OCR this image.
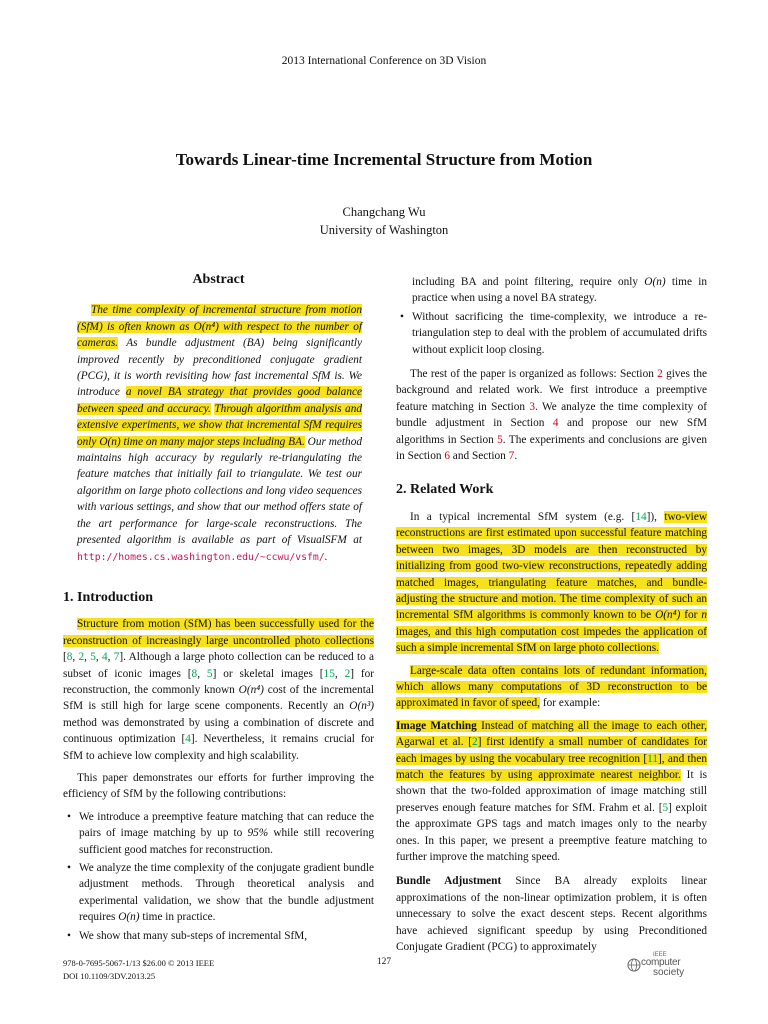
2013 International Conference on 3D Vision
Towards Linear-time Incremental Structure from Motion
Changchang Wu
University of Washington
Abstract

The time complexity of incremental structure from motion (SfM) is often known as O(n⁴) with respect to the number of cameras. As bundle adjustment (BA) being significantly improved recently by preconditioned conjugate gradient (PCG), it is worth revisiting how fast incremental SfM is. We introduce a novel BA strategy that provides good balance between speed and accuracy. Through algorithm analysis and extensive experiments, we show that incremental SfM requires only O(n) time on many major steps including BA. Our method maintains high accuracy by regularly re-triangulating the feature matches that initially fail to triangulate. We test our algorithm on large photo collections and long video sequences with various settings, and show that our method offers state of the art performance for large-scale reconstructions. The presented algorithm is available as part of VisualSFM at http://homes.cs.washington.edu/~ccwu/vsfm/.

1. Introduction

Structure from motion (SfM) has been successfully used for the reconstruction of increasingly large uncontrolled photo collections [8, 2, 5, 4, 7]. Although a large photo collection can be reduced to a subset of iconic images [8, 5] or skeletal images [15, 2] for reconstruction, the commonly known O(n⁴) cost of the incremental SfM is still high for large scene components. Recently an O(n³) method was demonstrated by using a combination of discrete and continuous optimization [4]. Nevertheless, it remains crucial for SfM to achieve low complexity and high scalability.

This paper demonstrates our efforts for further improving the efficiency of SfM by the following contributions:

• We introduce a preemptive feature matching that can reduce the pairs of image matching by up to 95% while still recovering sufficient good matches for reconstruction.
• We analyze the time complexity of the conjugate gradient bundle adjustment methods. Through theoretical analysis and experimental validation, we show that the bundle adjustment requires O(n) time in practice.
• We show that many sub-steps of incremental SfM,
including BA and point filtering, require only O(n) time in practice when using a novel BA strategy.
• Without sacrificing the time-complexity, we introduce a re-triangulation step to deal with the problem of accumulated drifts without explicit loop closing.

The rest of the paper is organized as follows: Section 2 gives the background and related work. We first introduce a preemptive feature matching in Section 3. We analyze the time complexity of bundle adjustment in Section 4 and propose our new SfM algorithms in Section 5. The experiments and conclusions are given in Section 6 and Section 7.

2. Related Work

In a typical incremental SfM system (e.g. [14]), two-view reconstructions are first estimated upon successful feature matching between two images, 3D models are then reconstructed by initializing from good two-view reconstructions, repeatedly adding matched images, triangulating feature matches, and bundle-adjusting the structure and motion. The time complexity of such an incremental SfM algorithms is commonly known to be O(n⁴) for n images, and this high computation cost impedes the application of such a simple incremental SfM on large photo collections.

Large-scale data often contains lots of redundant information, which allows many computations of 3D reconstruction to be approximated in favor of speed, for example:

Image Matching Instead of matching all the image to each other, Agarwal et al. [2] first identify a small number of candidates for each images by using the vocabulary tree recognition [11], and then match the features by using approximate nearest neighbor. It is shown that the two-folded approximation of image matching still preserves enough feature matches for SfM. Frahm et al. [5] exploit the approximate GPS tags and match images only to the nearby ones. In this paper, we present a preemptive feature matching to further improve the matching speed.

Bundle Adjustment Since BA already exploits linear approximations of the non-linear optimization problem, it is often unnecessary to solve the exact descent steps. Recent algorithms have achieved significant speedup by using Preconditioned Conjugate Gradient (PCG) to approximately

978-0-7695-5067-1/13 $26.00 © 2013 IEEE
DOI 10.1109/3DV.2013.25
127
IEEE
computer
society
